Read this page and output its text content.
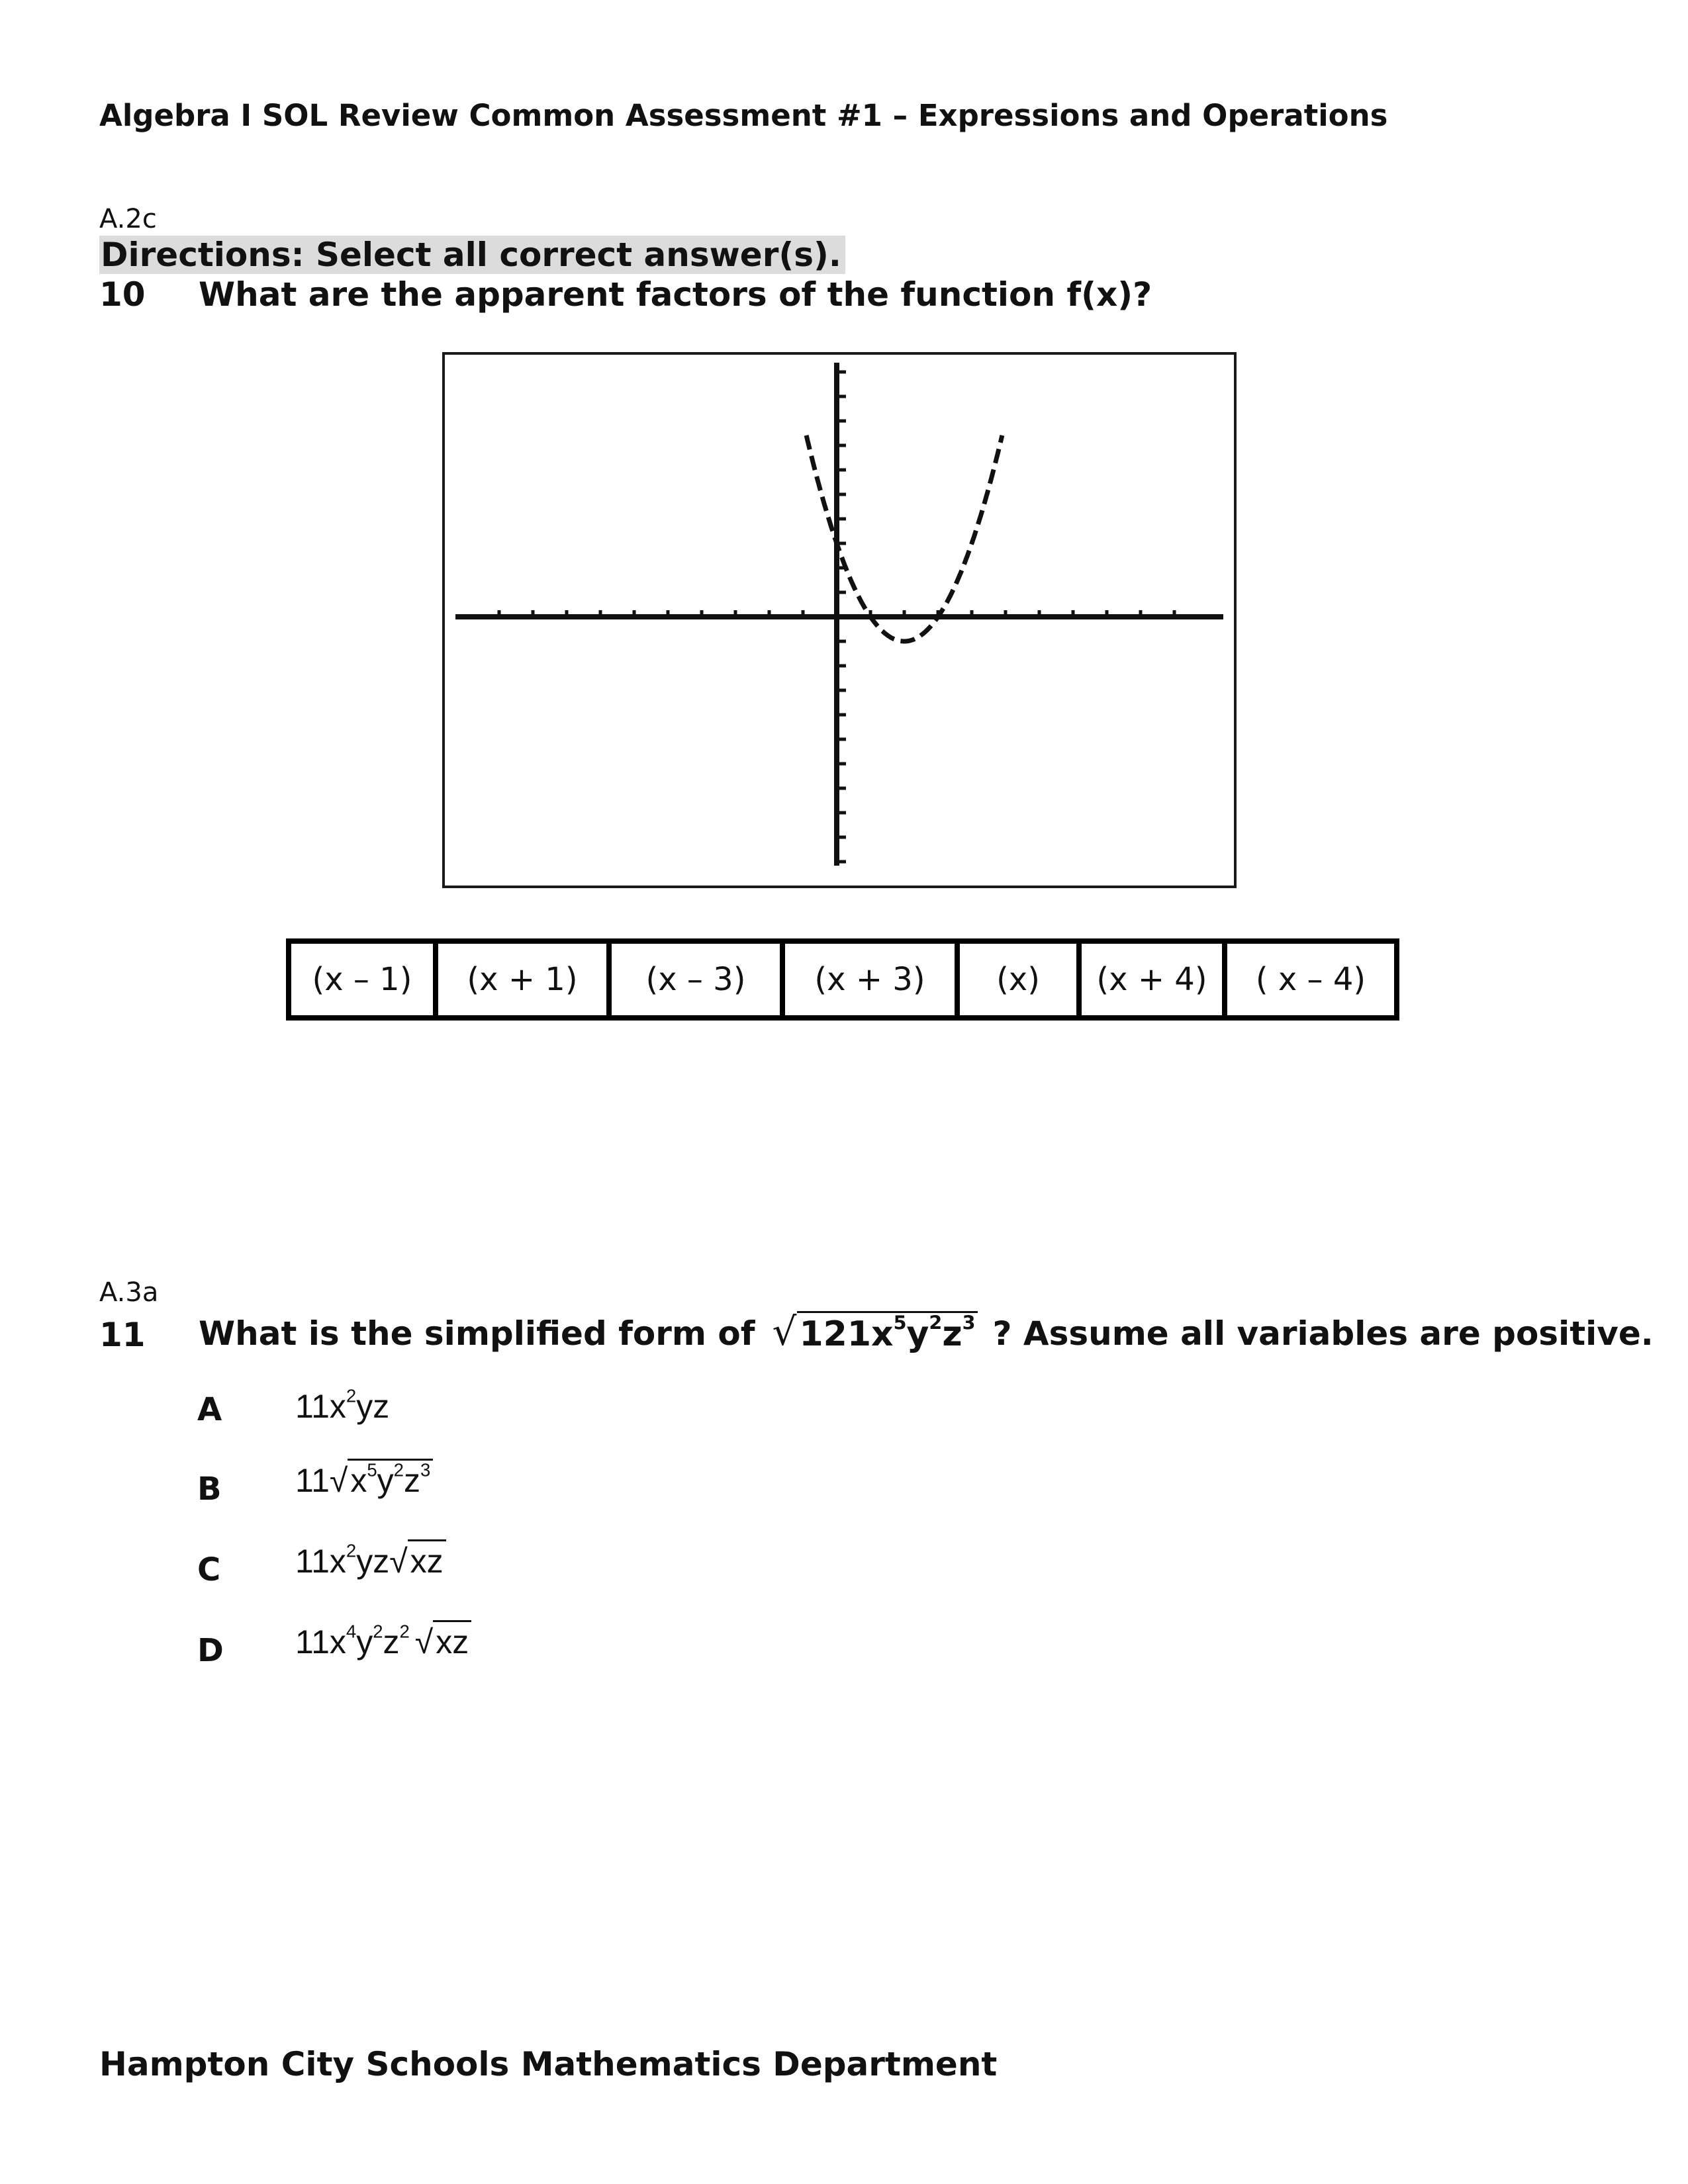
Algebra I SOL Review Common Assessment #1 – Expressions and Operations
A.2c
Directions: Select all correct answer(s).
10 What are the apparent factors of the function f(x)?
(x – 1)	(x + 1)	(x – 3)	(x + 3)	(x)	(x + 4)	( x – 4)
A.3a
11 What is the simplified form of √ $121x^5y^2z^3$ ? Assume all variables are positive.
A $11x^2yz$
B $11√x^5y^2z^3$
C $11x^2yz√xz$
D $11x^4y^2z^2$ √xz
Hampton City Schools Mathematics Department
